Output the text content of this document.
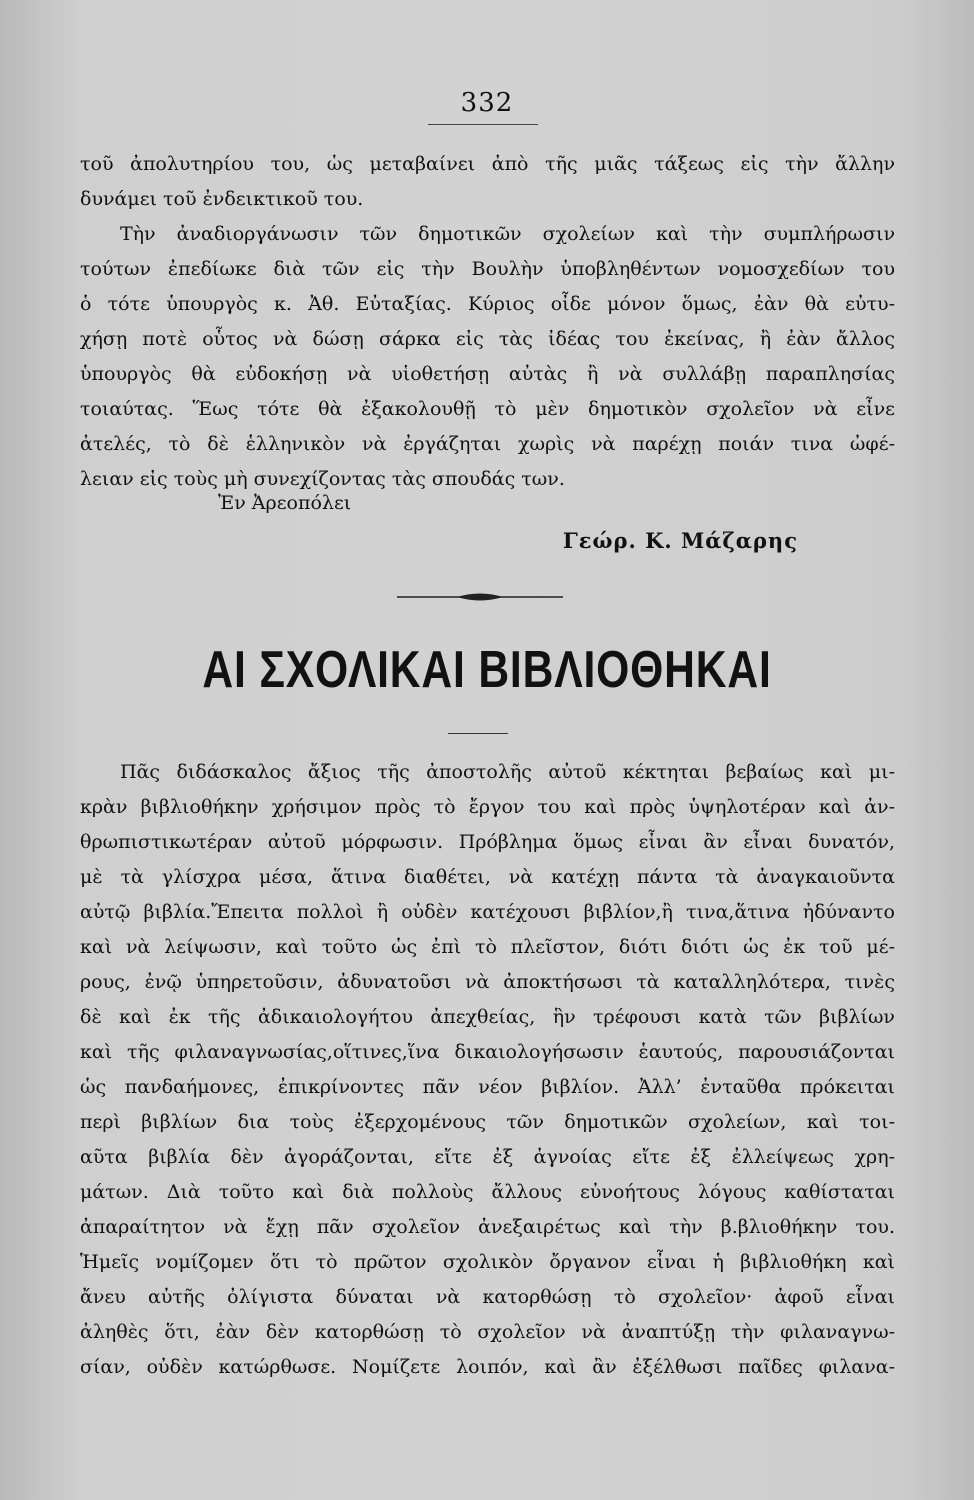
332
τοῦ ἀπολυτηρίου του, ὡς μεταβαίνει ἀπὸ τῆς μιᾶς τάξεως εἰς τὴν ἄλλην
δυνάμει τοῦ ἐνδεικτικοῦ του.
Τὴν ἀναδιοργάνωσιν τῶν δημοτικῶν σχολείων καὶ τὴν συμπλήρωσιν
τούτων ἐπεδίωκε διὰ τῶν εἰς τὴν Βουλὴν ὑποβληθέντων νομοσχεδίων του
ὁ τότε ὑπουργὸς κ. Ἀθ. Εὐταξίας. Κύριος οἶδε μόνον ὅμως, ἐὰν θὰ εὐτυ-
χήσῃ ποτὲ οὗτος νὰ δώσῃ σάρκα εἰς τὰς ἰδέας του ἐκείνας, ἢ ἐὰν ἄλλος
ὑπουργὸς θὰ εὐδοκήσῃ νὰ υἱοθετήσῃ αὐτὰς ἢ νὰ συλλάβῃ παραπλησίας
τοιαύτας. Ἕως τότε θὰ ἐξακολουθῇ τὸ μὲν δημοτικὸν σχολεῖον νὰ εἶνε
ἀτελές, τὸ δὲ ἑλληνικὸν νὰ ἐργάζηται χωρὶς νὰ παρέχῃ ποιάν τινα ὠφέ-
λειαν εἰς τοὺς μὴ συνεχίζοντας τὰς σπουδάς των.
Ἐν Ἀρεοπόλει
Γεώρ. Κ. Μάζαρης
ΑΙ ΣΧΟΛΙΚΑΙ ΒΙΒΛΙΟΘΗΚΑΙ
Πᾶς διδάσκαλος ἄξιος τῆς ἀποστολῆς αὐτοῦ κέκτηται βεβαίως καὶ μι-
κρὰν βιβλιοθήκην χρήσιμον πρὸς τὸ ἔργον του καὶ πρὸς ὑψηλοτέραν καὶ ἀν-
θρωπιστικωτέραν αὐτοῦ μόρφωσιν. Πρόβλημα ὅμως εἶναι ἂν εἶναι δυνατόν,
μὲ τὰ γλίσχρα μέσα, ἅτινα διαθέτει, νὰ κατέχῃ πάντα τὰ ἀναγκαιοῦντα
αὐτῷ βιβλία.Ἔπειτα πολλοὶ ἢ οὐδὲν κατέχουσι βιβλίον,ἢ τινα,ἅτινα ἠδύναντο
καὶ νὰ λείψωσιν, καὶ τοῦτο ὡς ἐπὶ τὸ πλεῖστον, διότι διότι ὡς ἐκ τοῦ μέ-
ρους, ἐνῷ ὑπηρετοῦσιν, ἀδυνατοῦσι νὰ ἀποκτήσωσι τὰ καταλληλότερα, τινὲς
δὲ καὶ ἐκ τῆς ἀδικαιολογήτου ἀπεχθείας, ἣν τρέφουσι κατὰ τῶν βιβλίων
καὶ τῆς φιλαναγνωσίας,οἵτινες,ἵνα δικαιολογήσωσιν ἑαυτούς, παρουσιάζονται
ὡς πανδαήμονες, ἐπικρίνοντες πᾶν νέον βιβλίον. Ἀλλ’ ἐνταῦθα πρόκειται
περὶ βιβλίων δια τοὺς ἐξερχομένους τῶν δημοτικῶν σχολείων, καὶ τοι-
αῦτα βιβλία δὲν ἀγοράζονται, εἴτε ἐξ ἀγνοίας εἴτε ἐξ ἐλλείψεως χρη-
μάτων. Διὰ τοῦτο καὶ διὰ πολλοὺς ἄλλους εὐνοήτους λόγους καθίσταται
ἀπαραίτητον νὰ ἔχῃ πᾶν σχολεῖον ἀνεξαιρέτως καὶ τὴν β.βλιοθήκην του.
Ἡμεῖς νομίζομεν ὅτι τὸ πρῶτον σχολικὸν ὄργανον εἶναι ἡ βιβλιοθήκη καὶ
ἄνευ αὐτῆς ὀλίγιστα δύναται νὰ κατορθώσῃ τὸ σχολεῖον· ἀφοῦ εἶναι
ἀληθὲς ὅτι, ἐὰν δὲν κατορθώσῃ τὸ σχολεῖον νὰ ἀναπτύξῃ τὴν φιλαναγνω-
σίαν, οὐδὲν κατώρθωσε. Νομίζετε λοιπόν, καὶ ἂν ἐξέλθωσι παῖδες φιλανα-
